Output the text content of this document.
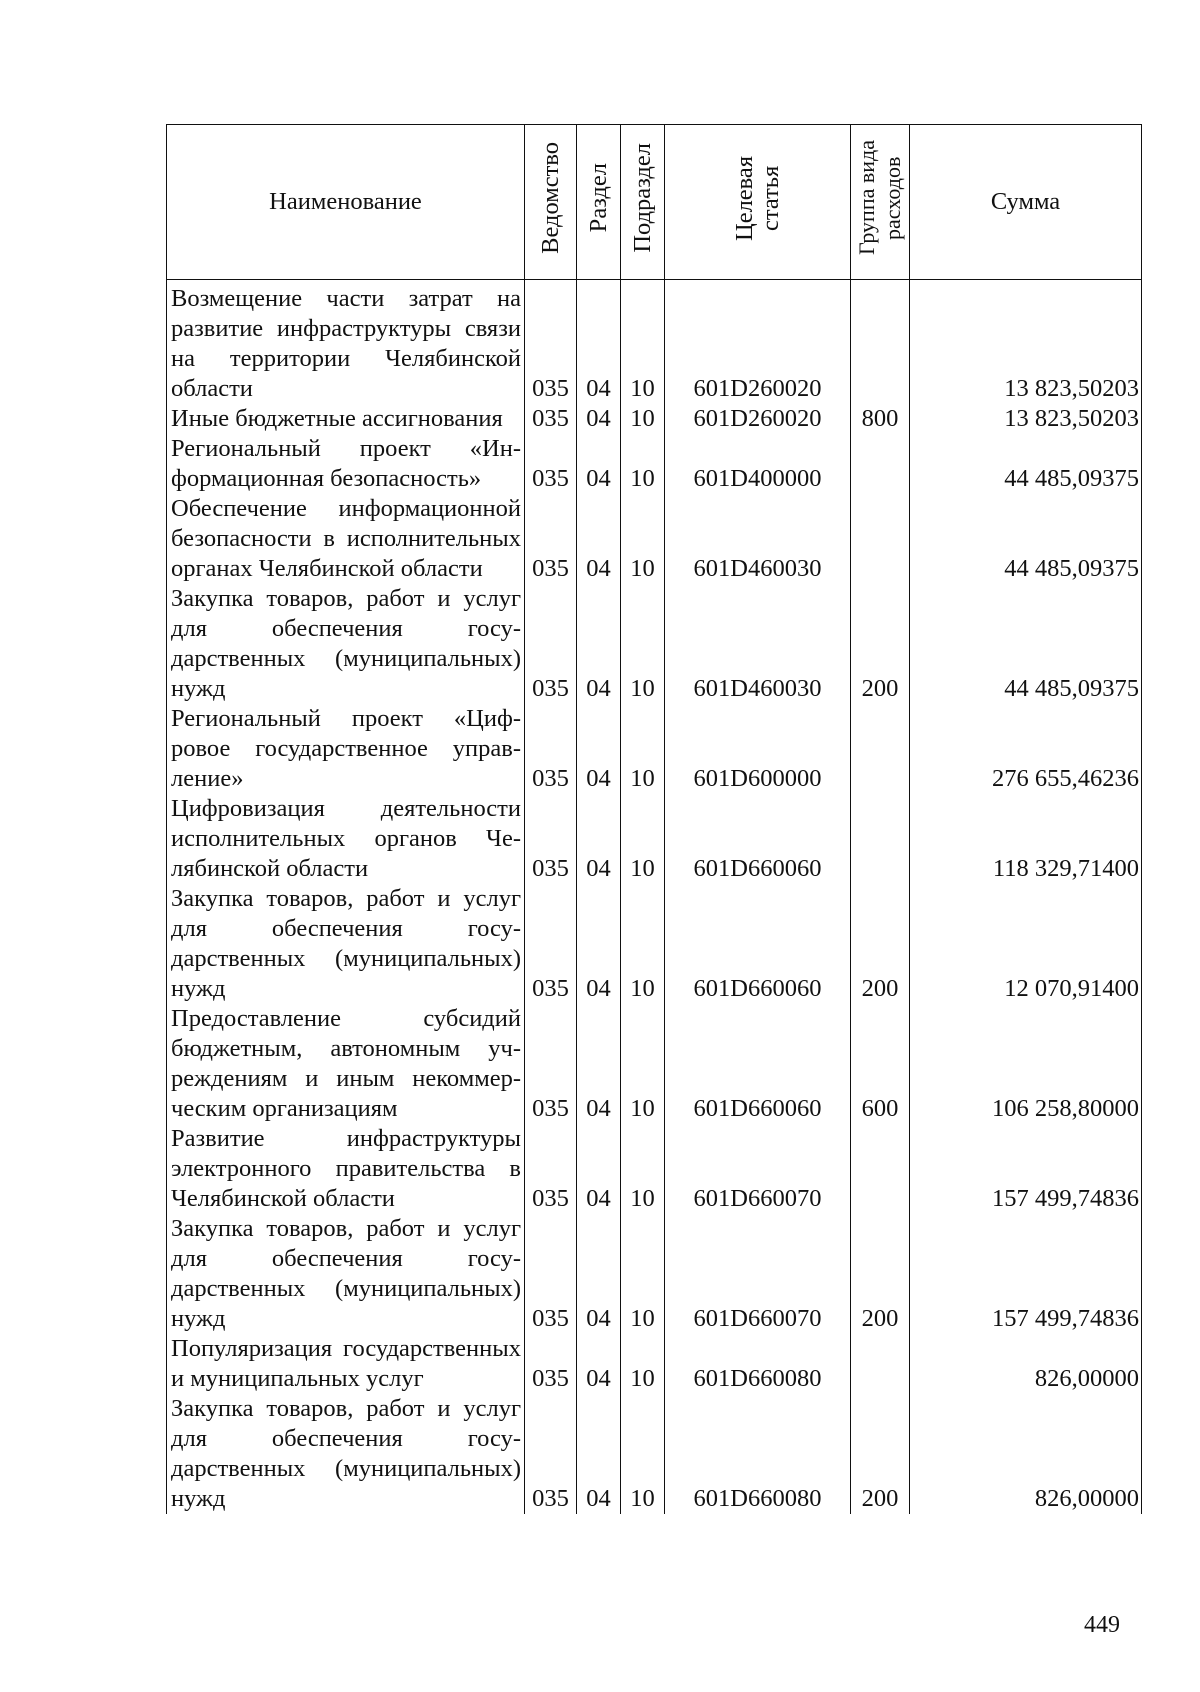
Наименование	Ведомство	Раздел	Подраздел	Целевая статья	Группа вида расходов	Сумма
Возмещение части затрат на развитие инфраструктуры связи на территории Челябинской области	035	04	10	601D260020		13 823,50203
Иные бюджетные ассигнования	035	04	10	601D260020	800	13 823,50203
Региональный проект «Информационная безопасность»	035	04	10	601D400000		44 485,09375
Обеспечение информационной безопасности в исполнительных органах Челябинской области	035	04	10	601D460030		44 485,09375
Закупка товаров, работ и услуг для обеспечения государственных (муниципальных) нужд	035	04	10	601D460030	200	44 485,09375
Региональный проект «Цифровое государственное управление»	035	04	10	601D600000		276 655,46236
Цифровизация деятельности исполнительных органов Челябинской области	035	04	10	601D660060		118 329,71400
Закупка товаров, работ и услуг для обеспечения государственных (муниципальных) нужд	035	04	10	601D660060	200	12 070,91400
Предоставление субсидий бюджетным, автономным учреждениям и иным некоммерческим организациям	035	04	10	601D660060	600	106 258,80000
Развитие инфраструктуры электронного правительства в Челябинской области	035	04	10	601D660070		157 499,74836
Закупка товаров, работ и услуг для обеспечения государственных (муниципальных) нужд	035	04	10	601D660070	200	157 499,74836
Популяризация государственных и муниципальных услуг	035	04	10	601D660080		826,00000
Закупка товаров, работ и услуг для обеспечения государственных (муниципальных) нужд	035	04	10	601D660080	200	826,00000
449
